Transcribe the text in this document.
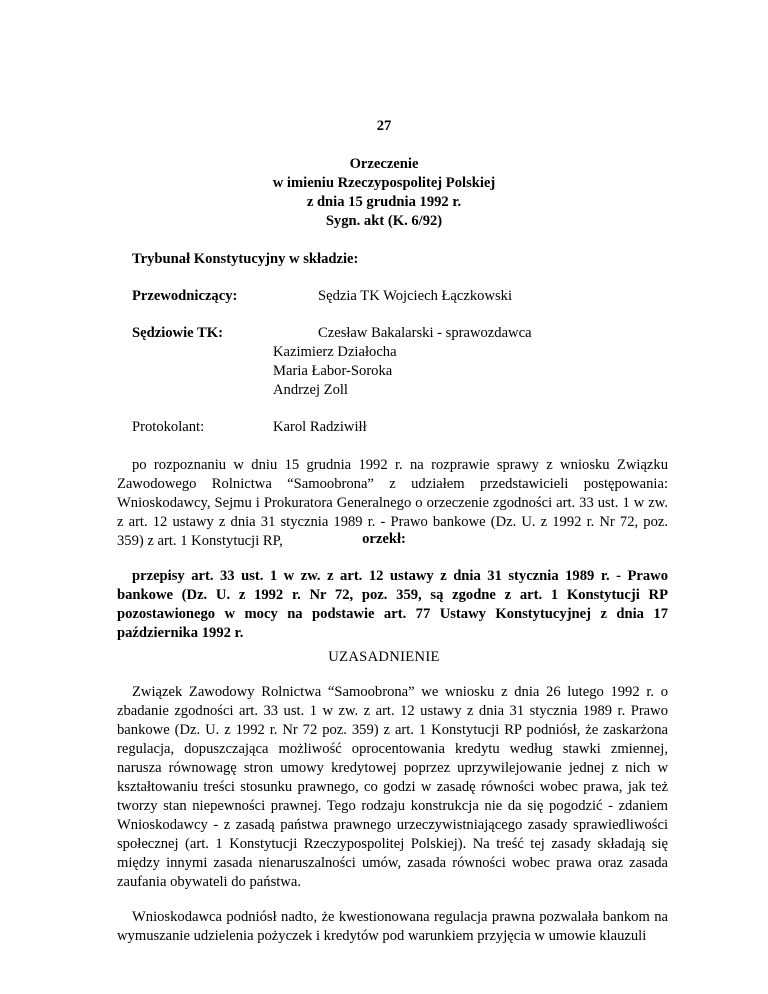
27
Orzeczenie
w imieniu Rzeczypospolitej Polskiej
z dnia 15 grudnia 1992 r.
Sygn. akt (K. 6/92)
Trybunał Konstytucyjny w składzie:
Przewodniczący:	Sędzia TK Wojciech Łączkowski
Sędziowie TK:	Czesław Bakalarski - sprawozdawca
Kazimierz Działocha
Maria Łabor-Soroka
Andrzej Zoll
Protokolant:	Karol Radziwiłł
po rozpoznaniu w dniu 15 grudnia 1992 r. na rozprawie sprawy z wniosku Związku Zawodowego Rolnictwa “Samoobrona” z udziałem przedstawicieli postępowania: Wnioskodawcy, Sejmu i Prokuratora Generalnego o orzeczenie zgodności art. 33 ust. 1 w zw. z art. 12 ustawy z dnia 31 stycznia 1989 r. - Prawo bankowe (Dz. U. z 1992 r. Nr 72, poz. 359) z art. 1 Konstytucji RP,	orzekł:
przepisy art. 33 ust. 1 w zw. z art. 12 ustawy z dnia 31 stycznia 1989 r. - Prawo bankowe (Dz. U. z 1992 r. Nr 72, poz. 359, są zgodne z art. 1 Konstytucji RP pozostawionego w mocy na podstawie art. 77 Ustawy Konstytucyjnej z dnia 17 października 1992 r.
UZASADNIENIE
Związek Zawodowy Rolnictwa “Samoobrona” we wniosku z dnia 26 lutego 1992 r. o zbadanie zgodności art. 33 ust. 1 w zw. z art. 12 ustawy z dnia 31 stycznia 1989 r. Prawo bankowe (Dz. U. z 1992 r. Nr 72 poz. 359) z art. 1 Konstytucji RP podniósł, że zaskarżona regulacja, dopuszczająca możliwość oprocentowania kredytu według stawki zmiennej, narusza równowagę stron umowy kredytowej poprzez uprzywilejowanie jednej z nich w kształtowaniu treści stosunku prawnego, co godzi w zasadę równości wobec prawa, jak też tworzy stan niepewności prawnej. Tego rodzaju konstrukcja nie da się pogodzić - zdaniem Wnioskodawcy - z zasadą państwa prawnego urzeczywistniającego zasady sprawiedliwości społecznej (art. 1 Konstytucji Rzeczypospolitej Polskiej). Na treść tej zasady składają się między innymi zasada nienaruszalności umów, zasada równości wobec prawa oraz zasada zaufania obywateli do państwa.
Wnioskodawca podniósł nadto, że kwestionowana regulacja prawna pozwalała bankom na wymuszanie udzielenia pożyczek i kredytów pod warunkiem przyjęcia w umowie klauzuli
